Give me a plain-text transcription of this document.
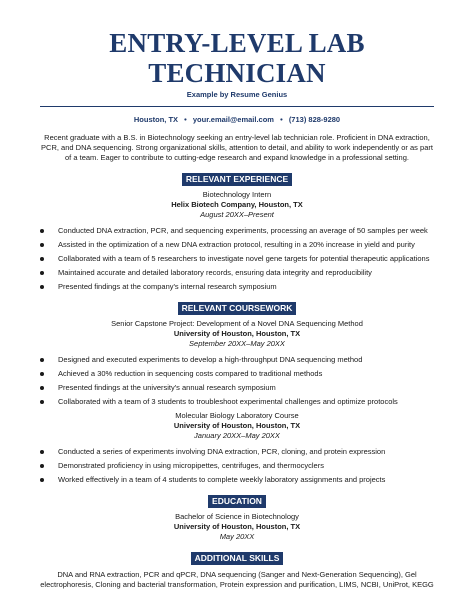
ENTRY-LEVEL LAB TECHNICIAN
Example by Resume Genius
Houston, TX • your.email@email.com • (713) 828-9280

Recent graduate with a B.S. in Biotechnology seeking an entry-level lab technician role. Proficient in DNA extraction, PCR, and DNA sequencing. Strong organizational skills, attention to detail, and ability to work independently or as part of a team. Eager to contribute to cutting-edge research and expand knowledge in a professional setting.

RELEVANT EXPERIENCE
Biotechnology Intern
Helix Biotech Company, Houston, TX
August 20XX–Present
Conducted DNA extraction, PCR, and sequencing experiments, processing an average of 50 samples per week
Assisted in the optimization of a new DNA extraction protocol, resulting in a 20% increase in yield and purity
Collaborated with a team of 5 researchers to investigate novel gene targets for potential therapeutic applications
Maintained accurate and detailed laboratory records, ensuring data integrity and reproducibility
Presented findings at the company's internal research symposium
RELEVANT COURSEWORK
Senior Capstone Project: Development of a Novel DNA Sequencing Method
University of Houston, Houston, TX
September 20XX–May 20XX
Designed and executed experiments to develop a high-throughput DNA sequencing method
Achieved a 30% reduction in sequencing costs compared to traditional methods
Presented findings at the university's annual research symposium
Collaborated with a team of 3 students to troubleshoot experimental challenges and optimize protocols
Molecular Biology Laboratory Course
University of Houston, Houston, TX
January 20XX–May 20XX
Conducted a series of experiments involving DNA extraction, PCR, cloning, and protein expression
Demonstrated proficiency in using micropipettes, centrifuges, and thermocyclers
Worked effectively in a team of 4 students to complete weekly laboratory assignments and projects
EDUCATION
Bachelor of Science in Biotechnology
University of Houston, Houston, TX
May 20XX
ADDITIONAL SKILLS
DNA and RNA extraction, PCR and qPCR, DNA sequencing (Sanger and Next-Generation Sequencing), Gel electrophoresis, Cloning and bacterial transformation, Protein expression and purification, LIMS, NCBI, UniProt, KEGG
